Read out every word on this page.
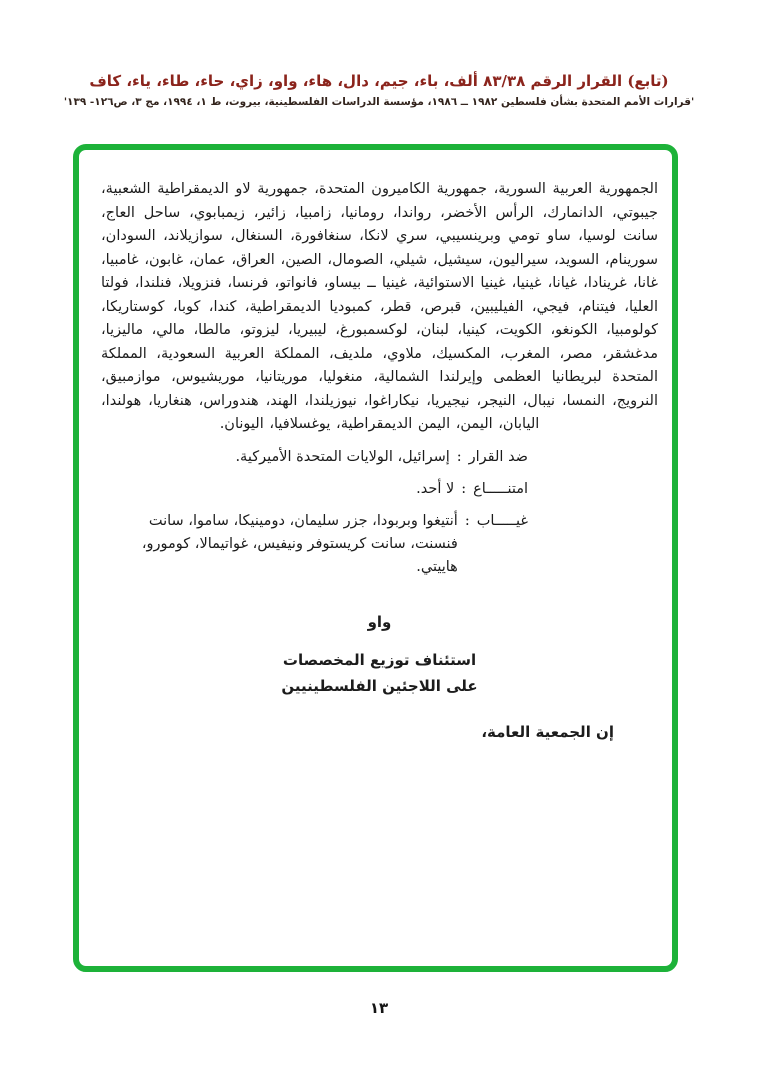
(تابع) القرار الرقم ٨٣/٣٨ ألف، باء، جيم، دال، هاء، واو، زاي، حاء، طاء، ياء، كاف
'قرارات الأمم المتحدة بشأن فلسطين ١٩٨٢ ــ ١٩٨٦، مؤسسة الدراسات الفلسطينية، بيروت، ط ١، ١٩٩٤، مج ٣، ص١٢٦- ١٣٩'
الجمهورية العربية السورية، جمهورية الكاميرون المتحدة، جمهورية لاو الديمقراطية الشعبية، جيبوتي، الدانمارك، الرأس الأخضر، رواندا، رومانيا، زامبيا، زائير، زيمبابوي، ساحل العاج، سانت لوسيا، ساو تومي وبرينسيبي، سري لانكا، سنغافورة، السنغال، سوازيلاند، السودان، سورينام، السويد، سيراليون، سيشيل، شيلي، الصومال، الصين، العراق، عمان، غابون، غامبيا، غانا، غرينادا، غيانا، غينيا، غينيا الاستوائية، غينيا ــ بيساو، فانواتو، فرنسا، فنزويلا، فنلندا، فولتا العليا، فيتنام، فيجي، الفيليبين، قبرص، قطر، كمبوديا الديمقراطية، كندا، كوبا، كوستاريكا، كولومبيا، الكونغو، الكويت، كينيا، لبنان، لوكسمبورغ، ليبيريا، ليزوتو، مالطا، مالي، ماليزيا، مدغشقر، مصر، المغرب، المكسيك، ملاوي، ملديف، المملكة العربية السعودية، المملكة المتحدة لبريطانيا العظمى وإيرلندا الشمالية، منغوليا، موريتانيا، موريشيوس، موازمبيق، النرويج، النمسا، نيبال، النيجر، نيجيريا، نيكاراغوا، نيوزيلندا، الهند، هندوراس، هنغاريا، هولندا، اليابان، اليمن، اليمن الديمقراطية، يوغسلافيا، اليونان.
ضد القرار
:
إسرائيل، الولايات المتحدة الأميركية.
امتنـــــاع
:
لا أحد.
غيـــــاب
:
أنتيغوا وبربودا، جزر سليمان، دومينيكا، ساموا، سانت فنسنت، سانت كريستوفر ونيفيس، غواتيمالا، كومورو، هاييتي.
واو
استئناف توزيع المخصصات
على اللاجئين الفلسطينيين
إن الجمعية العامة،
١٣
